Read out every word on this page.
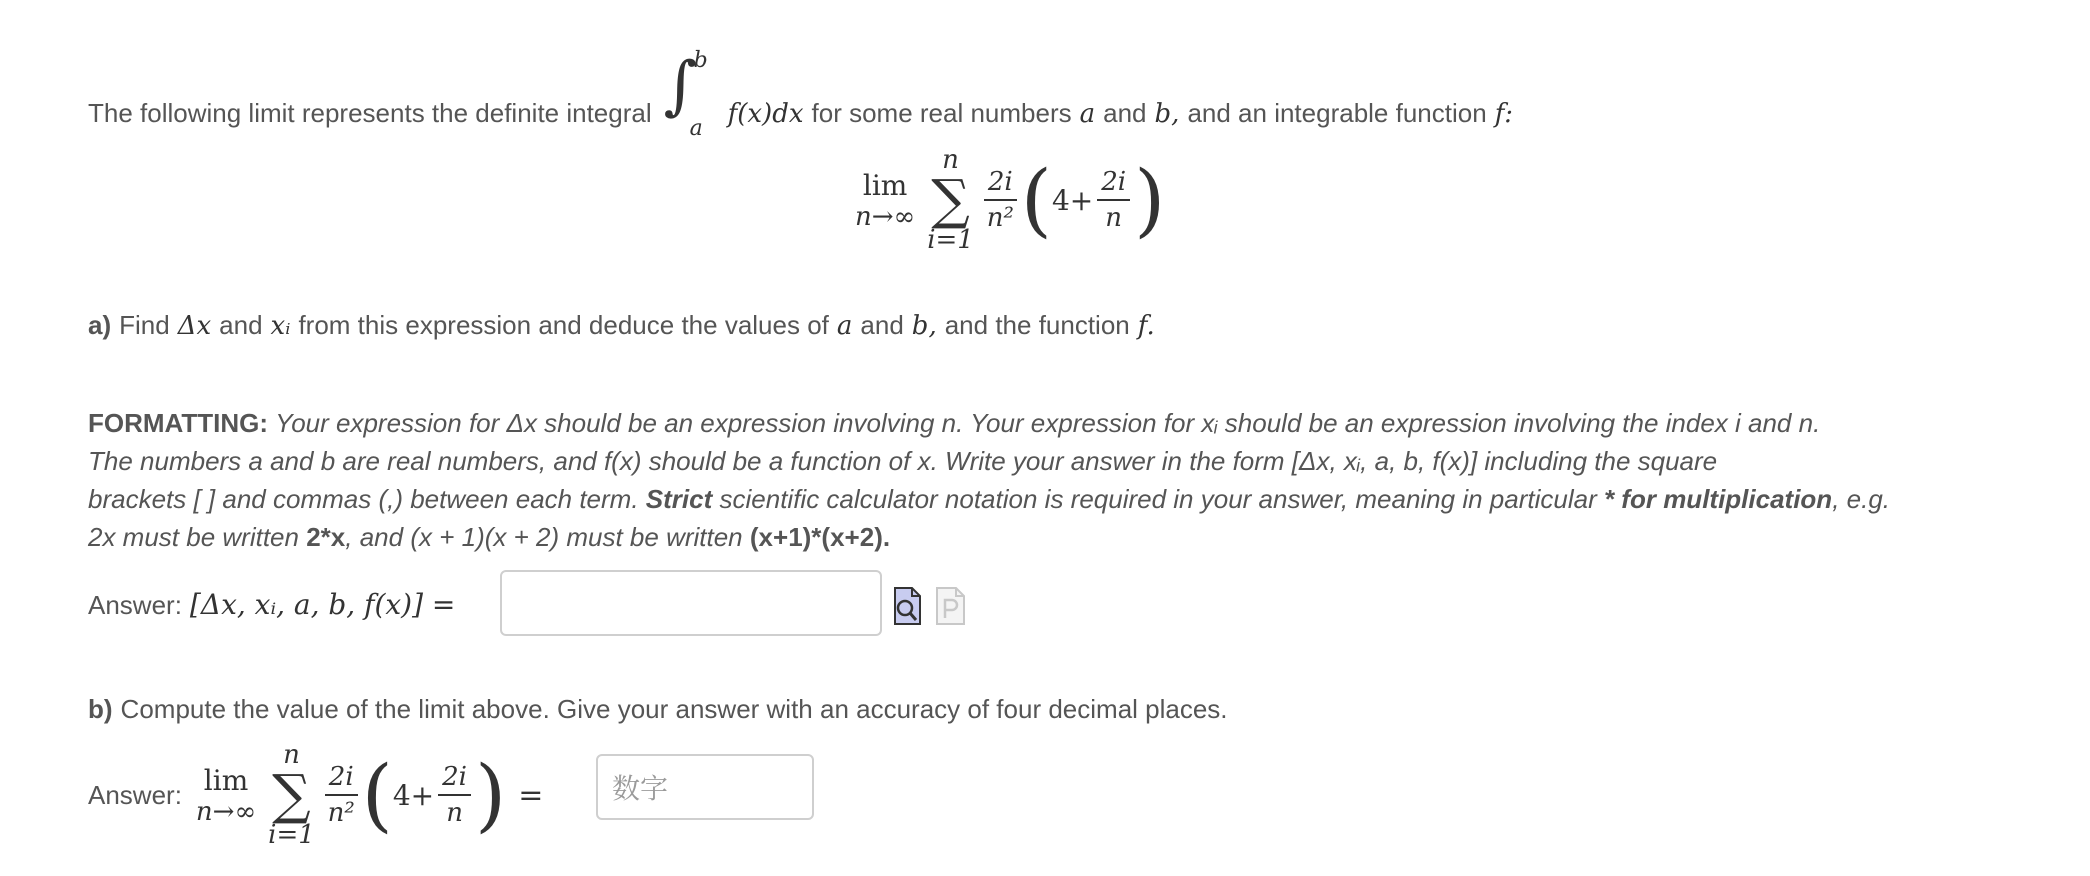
The following limit represents the definite integral ∫
b
a f(x)dx for some real numbers a and b, and an integrable function f:
lim
n→∞
n
∑
i=1
$\frac{2i}{\text{n²}}$ ( $4+ \frac{2i}{n}$ )
a) Find Δx and xᵢ from this expression and deduce the values of a and b, and the function f.
FORMATTING: Your expression for Δx should be an expression involving n. Your expression for xᵢ should be an expression involving the index i and n.
The numbers a and b are real numbers, and f(x) should be a function of x. Write your answer in the form [Δx, xᵢ, a, b, f(x)] including the square
brackets [ ] and commas (,) between each term. Strict scientific calculator notation is required in your answer, meaning in particular * for multiplication, e.g.
2x must be written 2*x, and (x + 1)(x + 2) must be written (x+1)*(x+2).
Answer: [Δx, xᵢ, a, b, f(x)] =
b) Compute the value of the limit above. Give your answer with an accuracy of four decimal places.
Answer: lim
n→∞
n
∑
i=1
$\frac{2i}{\text{n²}}$ ( $4+ \frac{2i}{n}$ ) = 数字
